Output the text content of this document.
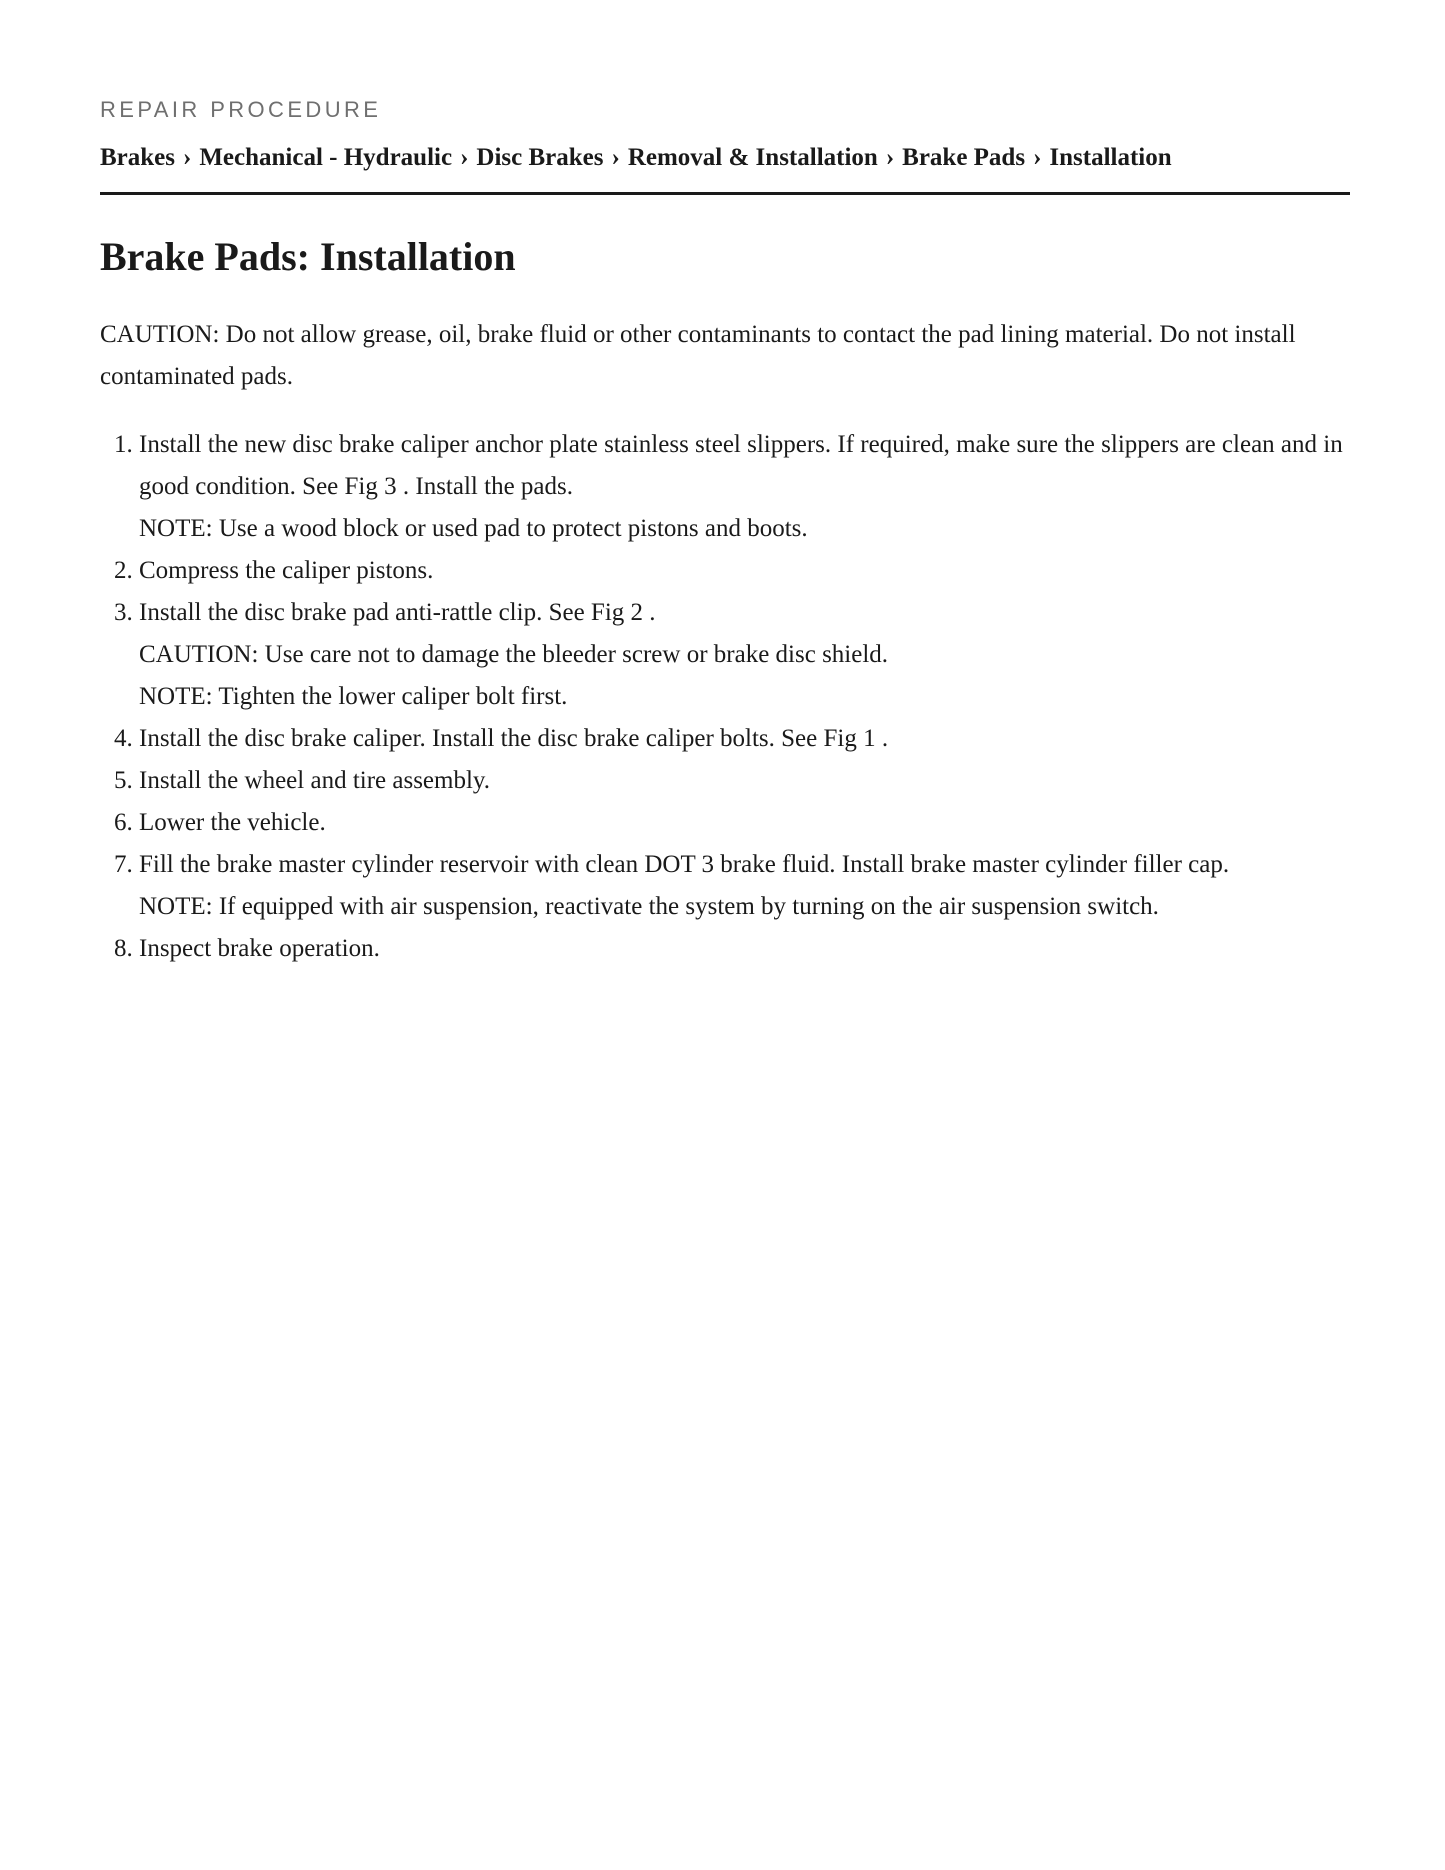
REPAIR PROCEDURE
Brakes › Mechanical - Hydraulic › Disc Brakes › Removal & Installation › Brake Pads › Installation
Brake Pads: Installation

CAUTION: Do not allow grease, oil, brake fluid or other contaminants to contact the pad lining material. Do not install contaminated pads.

1. Install the new disc brake caliper anchor plate stainless steel slippers. If required, make sure the slippers are clean and in good condition. See Fig 3 . Install the pads.
NOTE: Use a wood block or used pad to protect pistons and boots.
2. Compress the caliper pistons.
3. Install the disc brake pad anti-rattle clip. See Fig 2 .
CAUTION: Use care not to damage the bleeder screw or brake disc shield.
NOTE: Tighten the lower caliper bolt first.
4. Install the disc brake caliper. Install the disc brake caliper bolts. See Fig 1 .
5. Install the wheel and tire assembly.
6. Lower the vehicle.
7. Fill the brake master cylinder reservoir with clean DOT 3 brake fluid. Install brake master cylinder filler cap.
NOTE: If equipped with air suspension, reactivate the system by turning on the air suspension switch.
8. Inspect brake operation.
